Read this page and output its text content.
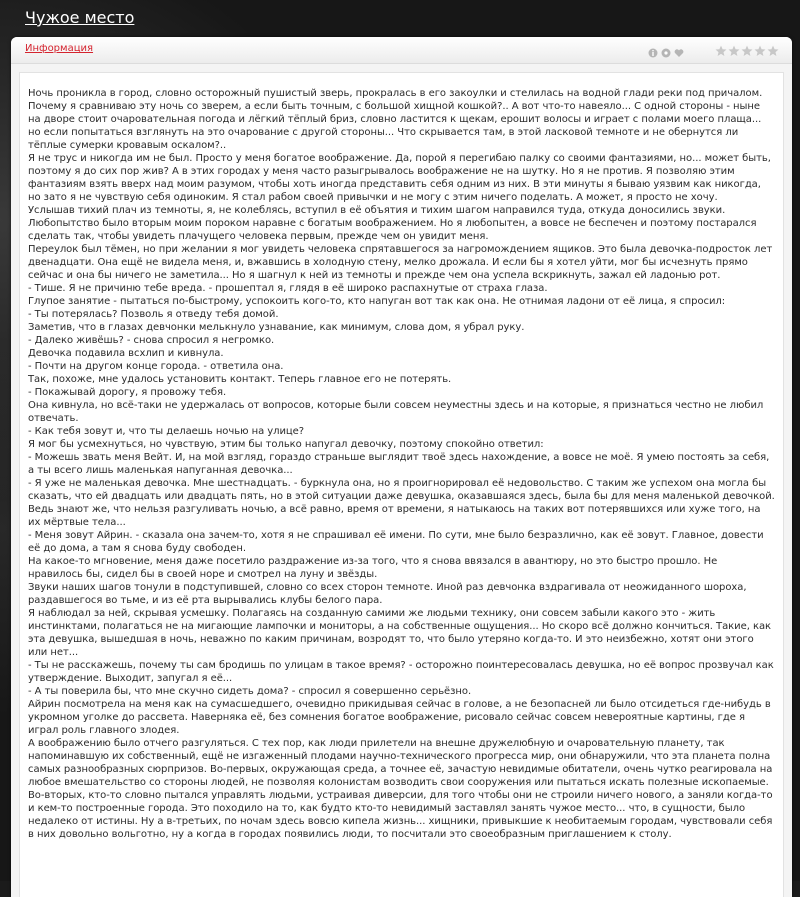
Чужое место
Информация

Ночь проникла в город, словно осторожный пушистый зверь, прокралась в его закоулки и стелилась на водной глади реки под причалом. Почему я сравниваю эту ночь со зверем, а если быть точным, с большой хищной кошкой?.. А вот что-то навеяло... С одной стороны - ныне на дворе стоит очаровательная погода и лёгкий тёплый бриз, словно ластится к щекам, ерошит волосы и играет с полами моего плаща... но если попытаться взглянуть на это очарование с другой стороны... Что скрывается там, в этой ласковой темноте и не обернутся ли тёплые сумерки кровавым оскалом?..

Я не трус и никогда им не был. Просто у меня богатое воображение. Да, порой я перегибаю палку со своими фантазиями, но... может быть, поэтому я до сих пор жив? А в этих городах у меня часто разыгрывалось воображение не на шутку. Но я не против. Я позволяю этим фантазиям взять вверх над моим разумом, чтобы хоть иногда представить себя одним из них. В эти минуты я бываю уязвим как никогда, но зато я не чувствую себя одиноким. Я стал рабом своей привычки и не могу с этим ничего поделать. А может, я просто не хочу.

Услышав тихий плач из темноты, я, не колеблясь, вступил в её объятия и тихим шагом направился туда, откуда доносились звуки. Любопытство было вторым моим пороком наравне с богатым воображением. Но я любопытен, а вовсе не беспечен и поэтому постарался сделать так, чтобы увидеть плачущего человека первым, прежде чем он увидит меня.

Переулок был тёмен, но при желании я мог увидеть человека спрятавшегося за нагромождением ящиков. Это была девочка-подросток лет двенадцати. Она ещё не видела меня, и, вжавшись в холодную стену, мелко дрожала. И если бы я хотел уйти, мог бы исчезнуть прямо сейчас и она бы ничего не заметила... Но я шагнул к ней из темноты и прежде чем она успела вскрикнуть, зажал ей ладонью рот.

- Тише. Я не причиню тебе вреда. - прошептал я, глядя в её широко распахнутые от страха глаза.

Глупое занятие - пытаться по-быстрому, успокоить кого-то, кто напуган вот так как она. Не отнимая ладони от её лица, я спросил:

- Ты потерялась? Позволь я отведу тебя домой.

Заметив, что в глазах девчонки мелькнуло узнавание, как минимум, слова дом, я убрал руку.

- Далеко живёшь? - снова спросил я негромко.

Девочка подавила всхлип и кивнула.

- Почти на другом конце города. - ответила она.

Так, похоже, мне удалось установить контакт. Теперь главное его не потерять.

- Покажывай дорогу, я провожу тебя.

Она кивнула, но всё-таки не удержалась от вопросов, которые были совсем неуместны здесь и на которые, я признаться честно не любил отвечать.

- Как тебя зовут и, что ты делаешь ночью на улице?

Я мог бы усмехнуться, но чувствую, этим бы только напугал девочку, поэтому спокойно ответил:

- Можешь звать меня Вейт. И, на мой взгляд, гораздо страньше выглядит твоё здесь нахождение, а вовсе не моё. Я умею постоять за себя, а ты всего лишь маленькая напуганная девочка...

- Я уже не маленькая девочка. Мне шестнадцать. - буркнула она, но я проигнорировал её недовольство. С таким же успехом она могла бы сказать, что ей двадцать или двадцать пять, но в этой ситуации даже девушка, оказавшаяся здесь, была бы для меня маленькой девочкой. Ведь знают же, что нельзя разгуливать ночью, а всё равно, время от времени, я натыкаюсь на таких вот потерявшихся или хуже того, на их мёртвые тела...

- Меня зовут Айрин. - сказала она зачем-то, хотя я не спрашивал её имени. По сути, мне было безразлично, как её зовут. Главное, довести её до дома, а там я снова буду свободен.

На какое-то мгновение, меня даже посетило раздражение из-за того, что я снова ввязался в авантюру, но это быстро прошло. Не нравилось бы, сидел бы в своей норе и смотрел на луну и звёзды.

Звуки наших шагов тонули в подступившей, словно со всех сторон темноте. Иной раз девчонка вздрагивала от неожиданного шороха, раздавшегося во тьме, и из её рта вырывались клубы белого пара.

Я наблюдал за ней, скрывая усмешку. Полагаясь на созданную самими же людьми технику, они совсем забыли какого это - жить инстинктами, полагаться не на мигающие лампочки и мониторы, а на собственные ощущения... Но скоро всё должно кончиться. Такие, как эта девушка, вышедшая в ночь, неважно по каким причинам, возродят то, что было утеряно когда-то. И это неизбежно, хотят они этого или нет...

- Ты не расскажешь, почему ты сам бродишь по улицам в такое время? - осторожно поинтересовалась девушка, но её вопрос прозвучал как утверждение. Выходит, запугал я её...

- А ты поверила бы, что мне скучно сидеть дома? - спросил я совершенно серьёзно.

Айрин посмотрела на меня как на сумасшедшего, очевидно прикидывая сейчас в голове, а не безопасней ли было отсидеться где-нибудь в укромном уголке до рассвета. Наверняка её, без сомнения богатое воображение, рисовало сейчас совсем невероятные картины, где я играл роль главного злодея.

А воображению было отчего разгуляться. С тех пор, как люди прилетели на внешне дружелюбную и очаровательную планету, так напоминавшую их собственный, ещё не изгаженный плодами научно-технического прогресса мир, они обнаружили, что эта планета полна самых разнообразных сюрпризов. Во-первых, окружающая среда, а точнее её, зачастую невидимые обитатели, очень чутко реагировала на любое вмешательство со стороны людей, не позволяя колонистам возводить свои сооружения или пытаться искать полезные ископаемые. Во-вторых, кто-то словно пытался управлять людьми, устраивая диверсии, для того чтобы они не строили ничего нового, а заняли когда-то и кем-то построенные города. Это походило на то, как будто кто-то невидимый заставлял занять чужое место... что, в сущности, было недалеко от истины. Ну а в-третьих, по ночам здесь вовсю кипела жизнь... хищники, привыкшие к необитаемым городам, чувствовали себя в них довольно вольготно, ну а когда в городах появились люди, то посчитали это своеобразным приглашением к столу.
